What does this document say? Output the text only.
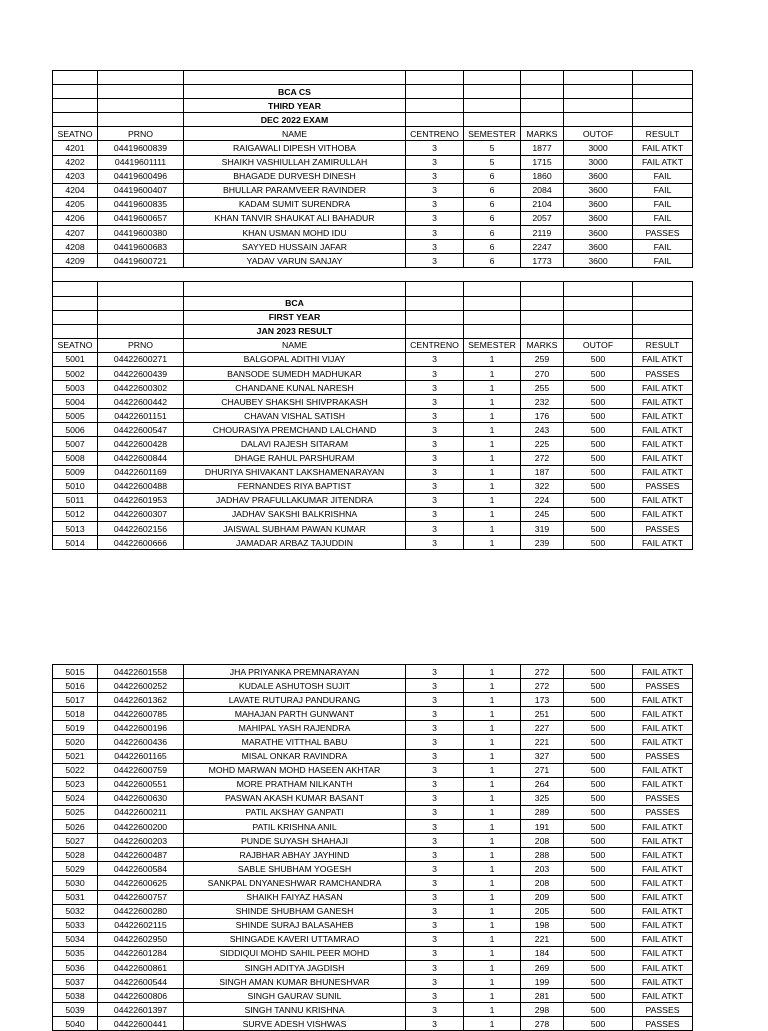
		BCA CS					
		THIRD YEAR					
		DEC 2022 EXAM					
SEATNO	PRNO	NAME	CENTRENO	SEMESTER	MARKS	OUTOF	RESULT
4201	04419600839	RAIGAWALI DIPESH VITHOBA	3	5	1877	3000	FAIL ATKT
4202	04419601111	SHAIKH VASHIULLAH ZAMIRULLAH	3	5	1715	3000	FAIL ATKT
4203	04419600496	BHAGADE DURVESH DINESH	3	6	1860	3600	FAIL
4204	04419600407	BHULLAR PARAMVEER RAVINDER	3	6	2084	3600	FAIL
4205	04419600835	KADAM SUMIT SURENDRA	3	6	2104	3600	FAIL
4206	04419600657	KHAN TANVIR SHAUKAT ALI BAHADUR	3	6	2057	3600	FAIL
4207	04419600380	KHAN USMAN MOHD IDU	3	6	2119	3600	PASSES
4208	04419600683	SAYYED HUSSAIN JAFAR	3	6	2247	3600	FAIL
4209	04419600721	YADAV VARUN SANJAY	3	6	1773	3600	FAIL

		BCA					
		FIRST YEAR					
		JAN 2023 RESULT					
SEATNO	PRNO	NAME	CENTRENO	SEMESTER	MARKS	OUTOF	RESULT
5001	04422600271	BALGOPAL ADITHI VIJAY	3	1	259	500	FAIL ATKT
5002	04422600439	BANSODE SUMEDH MADHUKAR	3	1	270	500	PASSES
5003	04422600302	CHANDANE KUNAL NARESH	3	1	255	500	FAIL ATKT
5004	04422600442	CHAUBEY SHAKSHI SHIVPRAKASH	3	1	232	500	FAIL ATKT
5005	04422601151	CHAVAN VISHAL SATISH	3	1	176	500	FAIL ATKT
5006	04422600547	CHOURASIYA PREMCHAND LALCHAND	3	1	243	500	FAIL ATKT
5007	04422600428	DALAVI RAJESH SITARAM	3	1	225	500	FAIL ATKT
5008	04422600844	DHAGE RAHUL PARSHURAM	3	1	272	500	FAIL ATKT
5009	04422601169	DHURIYA SHIVAKANT LAKSHAMENARAYAN	3	1	187	500	FAIL ATKT
5010	04422600488	FERNANDES RIYA BAPTIST	3	1	322	500	PASSES
5011	04422601953	JADHAV PRAFULLAKUMAR JITENDRA	3	1	224	500	FAIL ATKT
5012	04422600307	JADHAV SAKSHI BALKRISHNA	3	1	245	500	FAIL ATKT
5013	04422602156	JAISWAL SUBHAM PAWAN KUMAR	3	1	319	500	PASSES
5014	04422600666	JAMADAR ARBAZ TAJUDDIN	3	1	239	500	FAIL ATKT
5015	04422601558	JHA PRIYANKA PREMNARAYAN	3	1	272	500	FAIL ATKT
5016	04422600252	KUDALE ASHUTOSH SUJIT	3	1	272	500	PASSES
5017	04422601362	LAVATE RUTURAJ PANDURANG	3	1	173	500	FAIL ATKT
5018	04422600785	MAHAJAN PARTH GUNWANT	3	1	251	500	FAIL ATKT
5019	04422600196	MAHIPAL YASH RAJENDRA	3	1	227	500	FAIL ATKT
5020	04422600436	MARATHE VITTHAL BABU	3	1	221	500	FAIL ATKT
5021	04422601165	MISAL ONKAR RAVINDRA	3	1	327	500	PASSES
5022	04422600759	MOHD MARWAN MOHD HASEEN AKHTAR	3	1	271	500	FAIL ATKT
5023	04422600551	MORE PRATHAM NILKANTH	3	1	264	500	FAIL ATKT
5024	04422600630	PASWAN AKASH KUMAR BASANT	3	1	325	500	PASSES
5025	04422600211	PATIL AKSHAY GANPATI	3	1	289	500	PASSES
5026	04422600200	PATIL KRISHNA ANIL	3	1	191	500	FAIL ATKT
5027	04422600203	PUNDE SUYASH SHAHAJI	3	1	208	500	FAIL ATKT
5028	04422600487	RAJBHAR ABHAY JAYHIND	3	1	288	500	FAIL ATKT
5029	04422600584	SABLE SHUBHAM YOGESH	3	1	203	500	FAIL ATKT
5030	04422600625	SANKPAL DNYANESHWAR RAMCHANDRA	3	1	208	500	FAIL ATKT
5031	04422600757	SHAIKH FAIYAZ HASAN	3	1	209	500	FAIL ATKT
5032	04422600280	SHINDE SHUBHAM GANESH	3	1	205	500	FAIL ATKT
5033	04422602115	SHINDE SURAJ BALASAHEB	3	1	198	500	FAIL ATKT
5034	04422602950	SHINGADE KAVERI UTTAMRAO	3	1	221	500	FAIL ATKT
5035	04422601284	SIDDIQUI MOHD SAHIL PEER MOHD	3	1	184	500	FAIL ATKT
5036	04422600861	SINGH ADITYA JAGDISH	3	1	269	500	FAIL ATKT
5037	04422600544	SINGH AMAN KUMAR BHUNESHVAR	3	1	199	500	FAIL ATKT
5038	04422600806	SINGH GAURAV SUNIL	3	1	281	500	FAIL ATKT
5039	04422601397	SINGH TANNU KRISHNA	3	1	298	500	PASSES
5040	04422600441	SURVE ADESH VISHWAS	3	1	278	500	PASSES
